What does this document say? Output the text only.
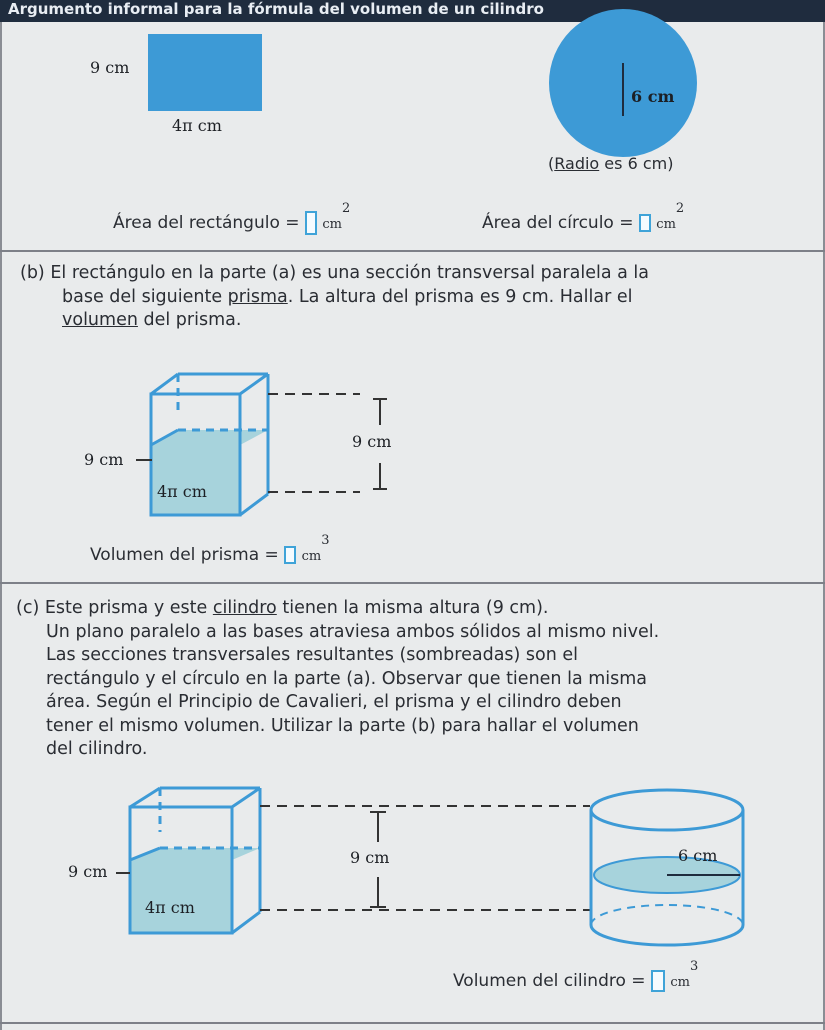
Argumento informal para la fórmula del volumen de un cilindro
9 cm
4π cm
6 cm
(Radio es 6 cm)
Área del rectángulo = $cm^2$
Área del círculo = $cm^2$
(b) El rectángulo en la parte (a) es una sección transversal paralela a la
base del siguiente prisma. La altura del prisma es 9 cm. Hallar el
volumen del prisma.
9 cm
4π cm
9 cm
Volumen del prisma = $cm^3$
(c) Este prisma y este cilindro tienen la misma altura (9 cm).
Un plano paralelo a las bases atraviesa ambos sólidos al mismo nivel.
Las secciones transversales resultantes (sombreadas) son el
rectángulo y el círculo en la parte (a). Observar que tienen la misma
área. Según el Principio de Cavalieri, el prisma y el cilindro deben
tener el mismo volumen. Utilizar la parte (b) para hallar el volumen
del cilindro.
9 cm
4π cm
9 cm	6 cm
Volumen del cilindro = $cm^3$
